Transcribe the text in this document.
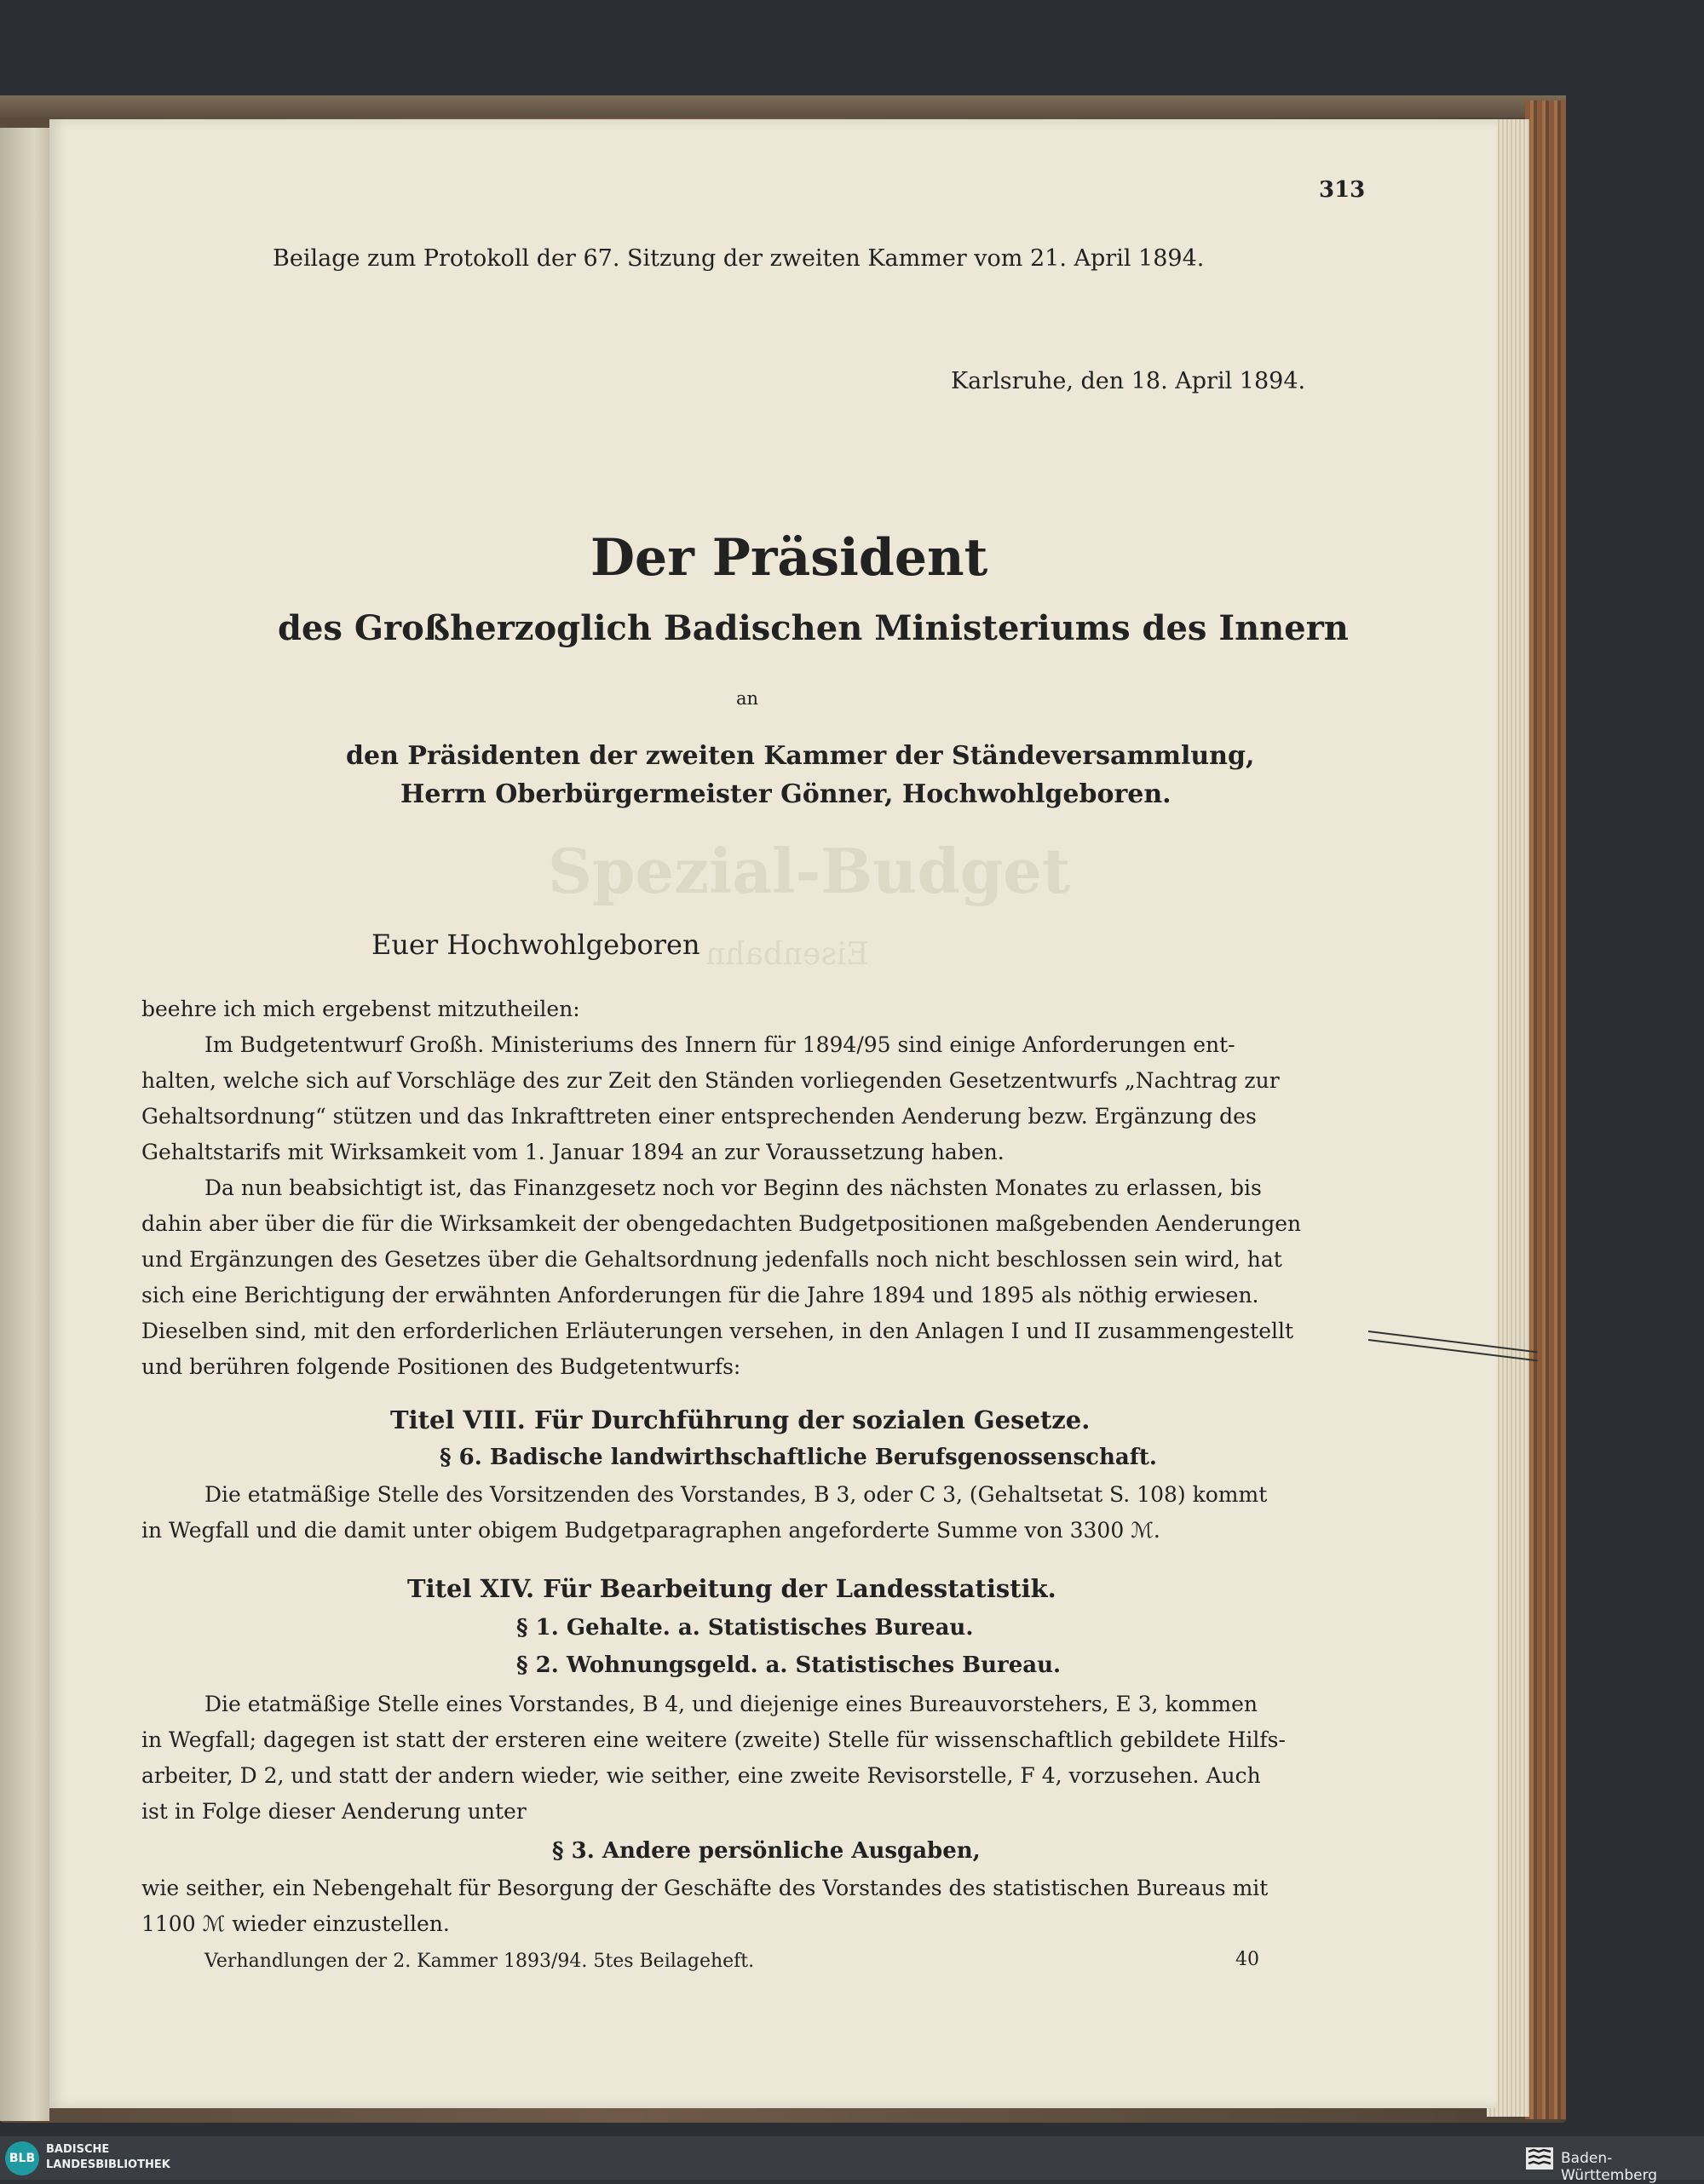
Spezial-Budget
Eisenbahn
313
Beilage zum Protokoll der 67. Sitzung der zweiten Kammer vom 21. April 1894.
Karlsruhe, den 18. April 1894.
Der Präsident
des Großherzoglich Badischen Ministeriums des Innern
an
den Präsidenten der zweiten Kammer der Ständeversammlung,
Herrn Oberbürgermeister Gönner, Hochwohlgeboren.
Euer Hochwohlgeboren
beehre ich mich ergebenst mitzutheilen:
Im Budgetentwurf Großh. Ministeriums des Innern für 1894/95 sind einige Anforderungen ent-
halten, welche sich auf Vorschläge des zur Zeit den Ständen vorliegenden Gesetzentwurfs „Nachtrag zur
Gehaltsordnung“ stützen und das Inkrafttreten einer entsprechenden Aenderung bezw. Ergänzung des
Gehaltstarifs mit Wirksamkeit vom 1. Januar 1894 an zur Voraussetzung haben.
Da nun beabsichtigt ist, das Finanzgesetz noch vor Beginn des nächsten Monates zu erlassen, bis
dahin aber über die für die Wirksamkeit der obengedachten Budgetpositionen maßgebenden Aenderungen
und Ergänzungen des Gesetzes über die Gehaltsordnung jedenfalls noch nicht beschlossen sein wird, hat
sich eine Berichtigung der erwähnten Anforderungen für die Jahre 1894 und 1895 als nöthig erwiesen.
Dieselben sind, mit den erforderlichen Erläuterungen versehen, in den Anlagen I und II zusammengestellt
und berühren folgende Positionen des Budgetentwurfs:
Titel VIII. Für Durchführung der sozialen Gesetze.
§ 6. Badische landwirthschaftliche Berufsgenossenschaft.
Die etatmäßige Stelle des Vorsitzenden des Vorstandes, B 3, oder C 3, (Gehaltsetat S. 108) kommt
in Wegfall und die damit unter obigem Budgetparagraphen angeforderte Summe von 3300 ℳ.
Titel XIV. Für Bearbeitung der Landesstatistik.
§ 1. Gehalte. a. Statistisches Bureau.
§ 2. Wohnungsgeld. a. Statistisches Bureau.
Die etatmäßige Stelle eines Vorstandes, B 4, und diejenige eines Bureauvorstehers, E 3, kommen
in Wegfall; dagegen ist statt der ersteren eine weitere (zweite) Stelle für wissenschaftlich gebildete Hilfs-
arbeiter, D 2, und statt der andern wieder, wie seither, eine zweite Revisorstelle, F 4, vorzusehen. Auch
ist in Folge dieser Aenderung unter
§ 3. Andere persönliche Ausgaben,
wie seither, ein Nebengehalt für Besorgung der Geschäfte des Vorstandes des statistischen Bureaus mit
1100 ℳ wieder einzustellen.
Verhandlungen der 2. Kammer 1893/94. 5tes Beilageheft.	40
BLB
BADISCHE
LANDESBIBLIOTHEK	Baden-Württemberg
